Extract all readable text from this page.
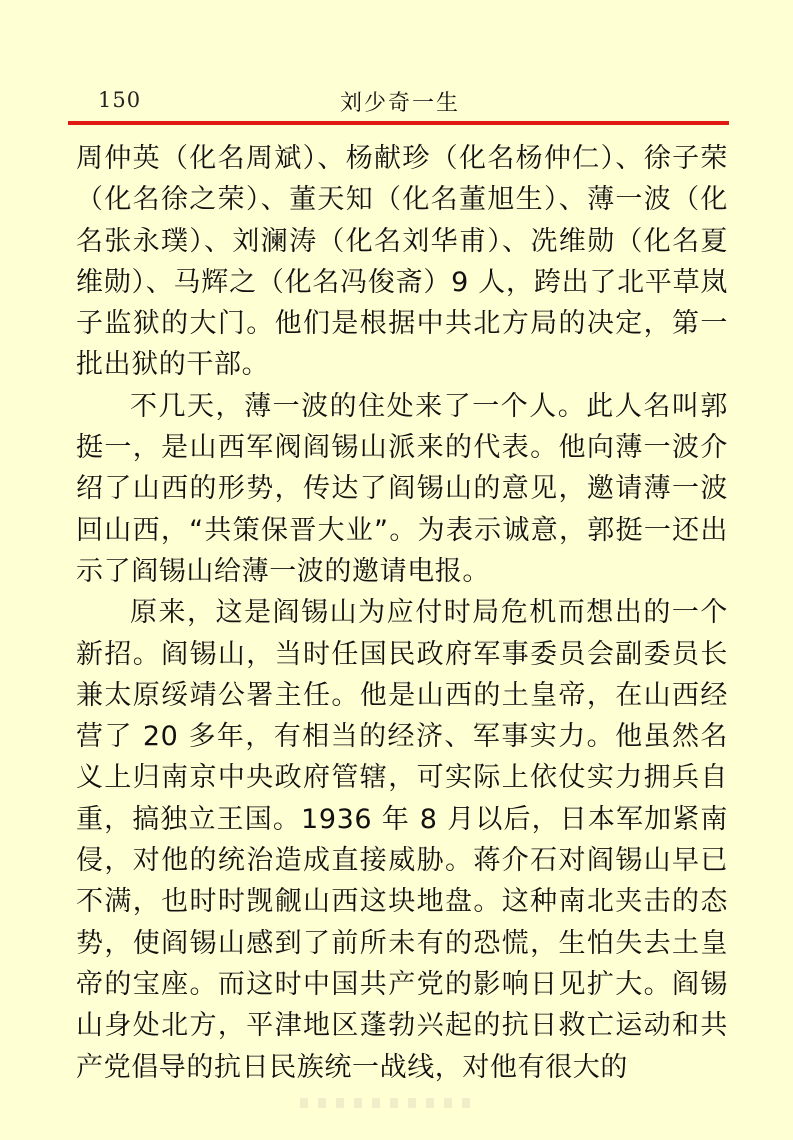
150	刘少奇一生

周仲英（化名周斌）、杨献珍（化名杨仲仁）、徐子荣（化名徐之荣）、董天知（化名董旭生）、薄一波（化名张永璞）、刘澜涛（化名刘华甫）、冼维勋（化名夏维勋）、马辉之（化名冯俊斋）9 人，跨出了北平草岚子监狱的大门。他们是根据中共北方局的决定，第一批出狱的干部。

不几天，薄一波的住处来了一个人。此人名叫郭挺一，是山西军阀阎锡山派来的代表。他向薄一波介绍了山西的形势，传达了阎锡山的意见，邀请薄一波回山西，“共策保晋大业”。为表示诚意，郭挺一还出示了阎锡山给薄一波的邀请电报。

原来，这是阎锡山为应付时局危机而想出的一个新招。阎锡山，当时任国民政府军事委员会副委员长兼太原绥靖公署主任。他是山西的土皇帝，在山西经营了 20 多年，有相当的经济、军事实力。他虽然名义上归南京中央政府管辖，可实际上依仗实力拥兵自重，搞独立王国。1936 年 8 月以后，日本军加紧南侵，对他的统治造成直接威胁。蒋介石对阎锡山早已不满，也时时觊觎山西这块地盘。这种南北夹击的态势，使阎锡山感到了前所未有的恐慌，生怕失去土皇帝的宝座。而这时中国共产党的影响日见扩大。阎锡山身处北方，平津地区蓬勃兴起的抗日救亡运动和共产党倡导的抗日民族统一战线，对他有很大的
